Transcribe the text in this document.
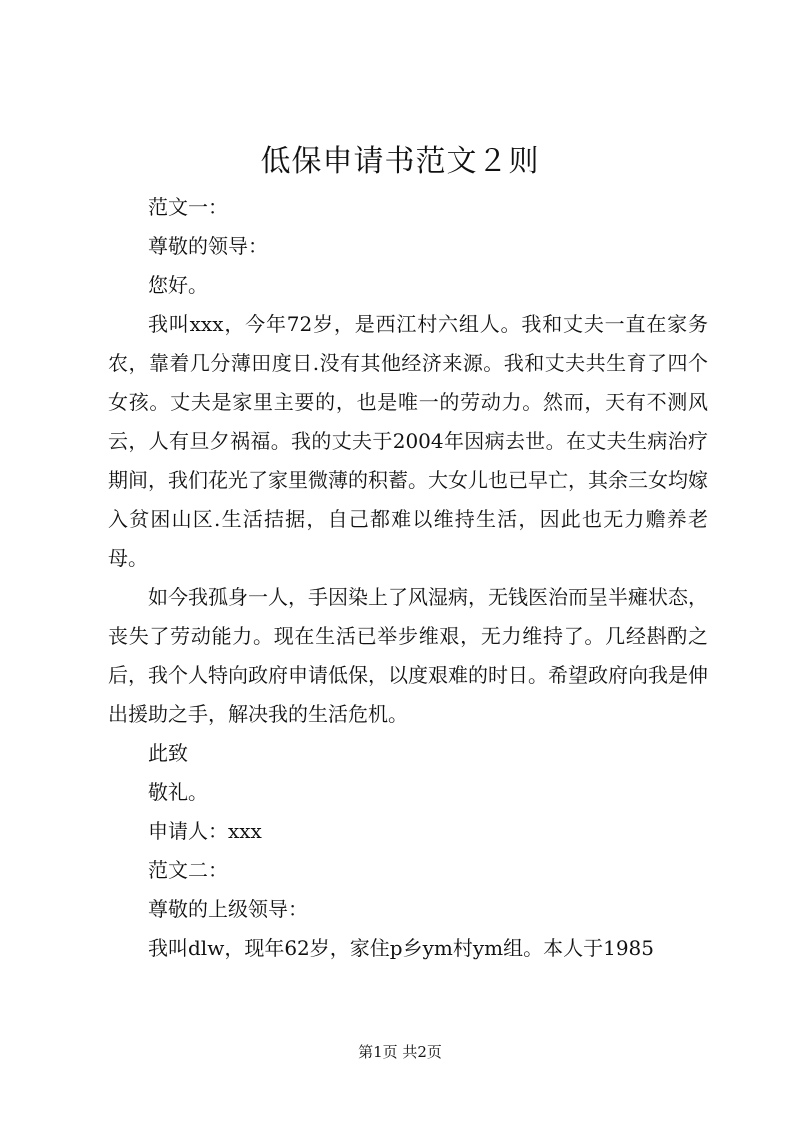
低保申请书范文２则
范文一：
尊敬的领导：
您好。
我叫xxx，今年72岁，是西江村六组人。我和丈夫一直在家务农，靠着几分薄田度日.没有其他经济来源。我和丈夫共生育了四个女孩。丈夫是家里主要的，也是唯一的劳动力。然而，天有不测风云，人有旦夕祸福。我的丈夫于2004年因病去世。在丈夫生病治疗期间，我们花光了家里微薄的积蓄。大女儿也已早亡，其余三女均嫁入贫困山区.生活拮据，自己都难以维持生活，因此也无力赡养老母。
如今我孤身一人，手因染上了风湿病，无钱医治而呈半瘫状态，丧失了劳动能力。现在生活已举步维艰，无力维持了。几经斟酌之后，我个人特向政府申请低保，以度艰难的时日。希望政府向我是伸出援助之手，解决我的生活危机。
此致
敬礼。
申请人：xxx
范文二：
尊敬的上级领导：
我叫dlw，现年62岁，家住p乡ym村ym组。本人于1985
第1页 共2页
